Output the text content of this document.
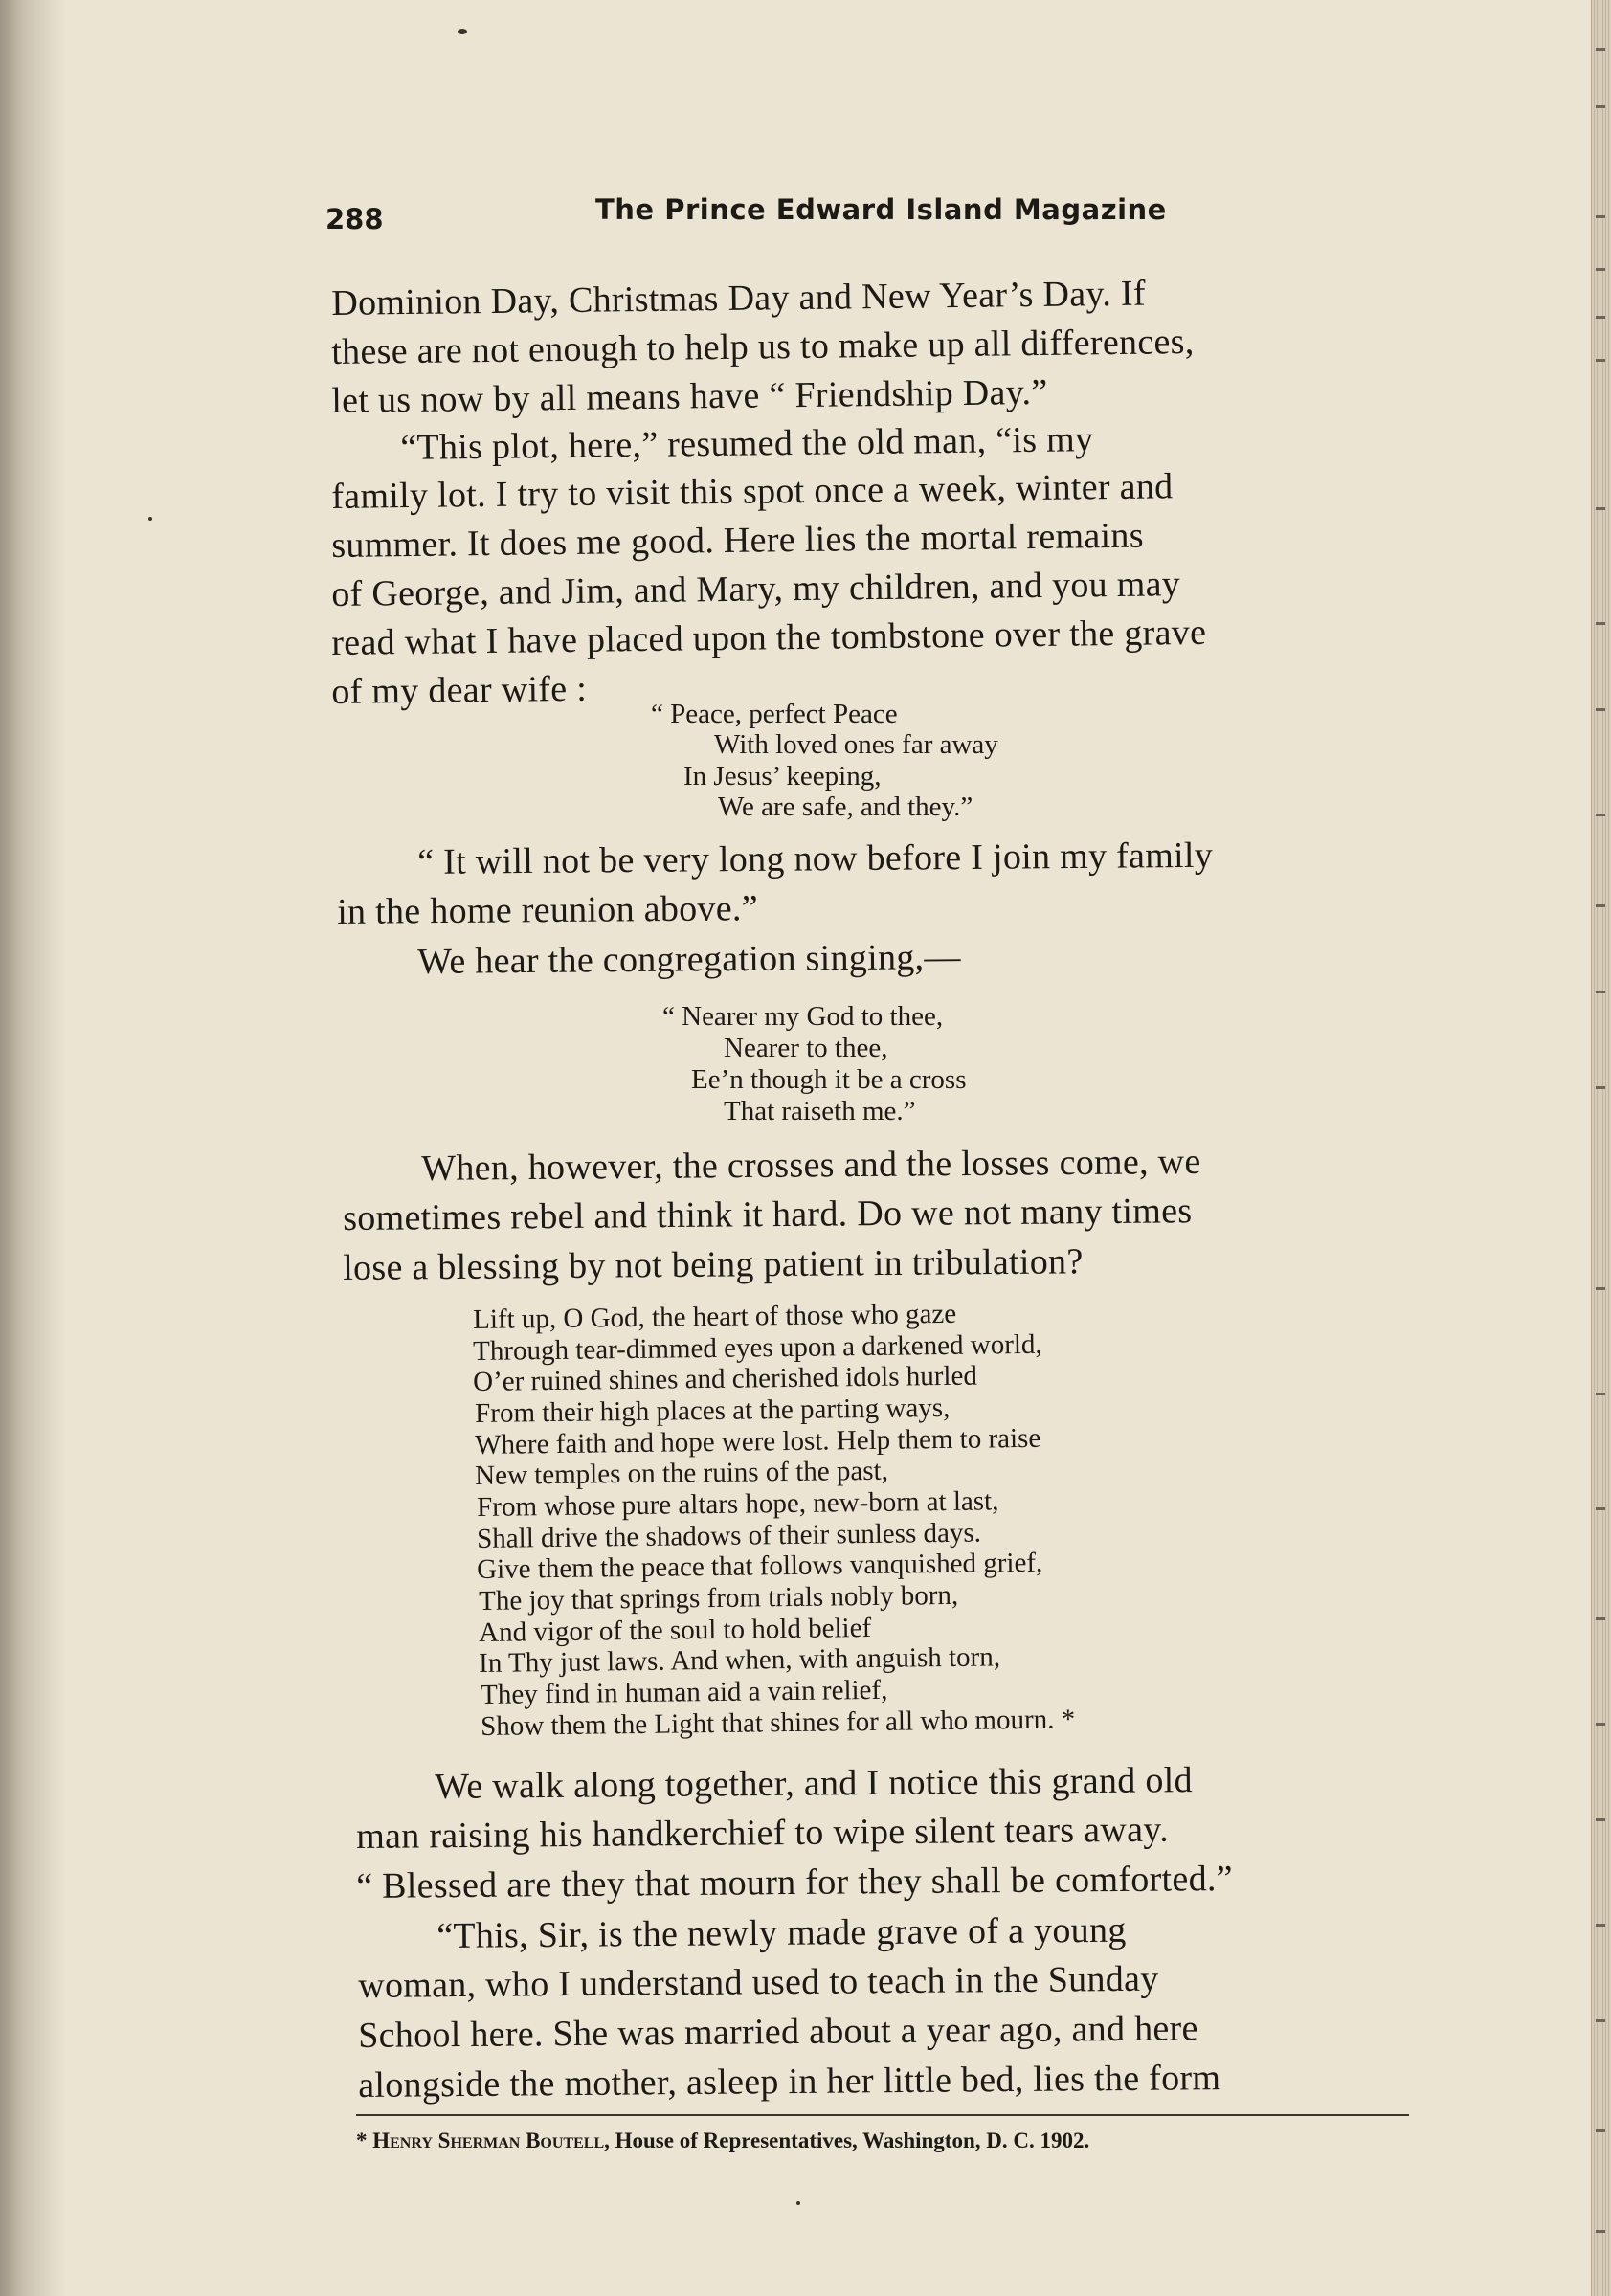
288	The Prince Edward Island Magazine
Dominion Day, Christmas Day and New Year’s Day. If
these are not enough to help us to make up all differences,
let us now by all means have “ Friendship Day.”
“This plot, here,” resumed the old man, “is my
family lot. I try to visit this spot once a week, winter and
summer. It does me good. Here lies the mortal remains
of George, and Jim, and Mary, my children, and you may
read what I have placed upon the tombstone over the grave
of my dear wife :
“ Peace, perfect Peace
With loved ones far away
In Jesus’ keeping,
We are safe, and they.”
“ It will not be very long now before I join my family
in the home reunion above.”
We hear the congregation singing,—
“ Nearer my God to thee,
Nearer to thee,
Ee’n though it be a cross
That raiseth me.”
When, however, the crosses and the losses come, we
sometimes rebel and think it hard. Do we not many times
lose a blessing by not being patient in tribulation?
Lift up, O God, the heart of those who gaze
Through tear-dimmed eyes upon a darkened world,
O’er ruined shines and cherished idols hurled
From their high places at the parting ways,
Where faith and hope were lost. Help them to raise
New temples on the ruins of the past,
From whose pure altars hope, new-born at last,
Shall drive the shadows of their sunless days.
Give them the peace that follows vanquished grief,
The joy that springs from trials nobly born,
And vigor of the soul to hold belief
In Thy just laws. And when, with anguish torn,
They find in human aid a vain relief,
Show them the Light that shines for all who mourn. *
We walk along together, and I notice this grand old
man raising his handkerchief to wipe silent tears away.
“ Blessed are they that mourn for they shall be comforted.”
“This, Sir, is the newly made grave of a young
woman, who I understand used to teach in the Sunday
School here. She was married about a year ago, and here
alongside the mother, asleep in her little bed, lies the form
* Henry Sherman Boutell, House of Representatives, Washington, D. C. 1902.
